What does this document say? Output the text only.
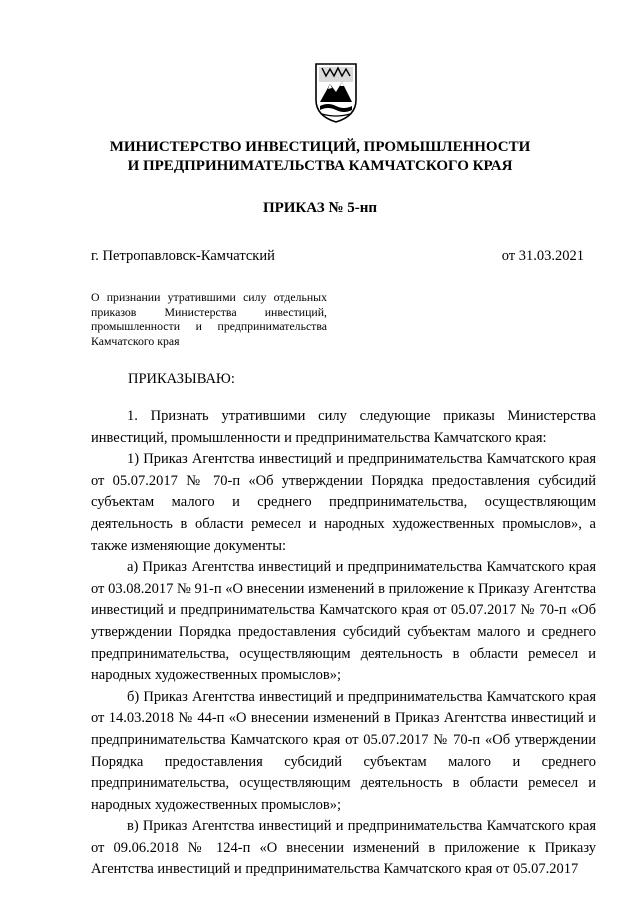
МИНИСТЕРСТВО ИНВЕСТИЦИЙ, ПРОМЫШЛЕННОСТИ
И ПРЕДПРИНИМАТЕЛЬСТВА КАМЧАТСКОГО КРАЯ
ПРИКАЗ № 5-нп
г. Петропавловск-Камчатский	от 31.03.2021
О признании утратившими силу отдельных
приказов Министерства инвестиций,
промышленности и предпринимательства
Камчатского края
ПРИКАЗЫВАЮ:

1. Признать утратившими силу следующие приказы Министерства инвестиций, промышленности и предпринимательства Камчатского края:

1) Приказ Агентства инвестиций и предпринимательства Камчатского края от 05.07.2017 № 70-п «Об утверждении Порядка предоставления субсидий субъектам малого и среднего предпринимательства, осуществляющим деятельность в области ремесел и народных художественных промыслов», а также изменяющие документы:

а) Приказ Агентства инвестиций и предпринимательства Камчатского края от 03.08.2017 № 91-п «О внесении изменений в приложение к Приказу Агентства инвестиций и предпринимательства Камчатского края от 05.07.2017 № 70-п «Об утверждении Порядка предоставления субсидий субъектам малого и среднего предпринимательства, осуществляющим деятельность в области ремесел и народных художественных промыслов»;

б) Приказ Агентства инвестиций и предпринимательства Камчатского края от 14.03.2018 № 44-п «О внесении изменений в Приказ Агентства инвестиций и предпринимательства Камчатского края от 05.07.2017 № 70-п «Об утверждении Порядка предоставления субсидий субъектам малого и среднего предпринимательства, осуществляющим деятельность в области ремесел и народных художественных промыслов»;

в) Приказ Агентства инвестиций и предпринимательства Камчатского края от 09.06.2018 № 124-п «О внесении изменений в приложение к Приказу Агентства инвестиций и предпринимательства Камчатского края от 05.07.2017
